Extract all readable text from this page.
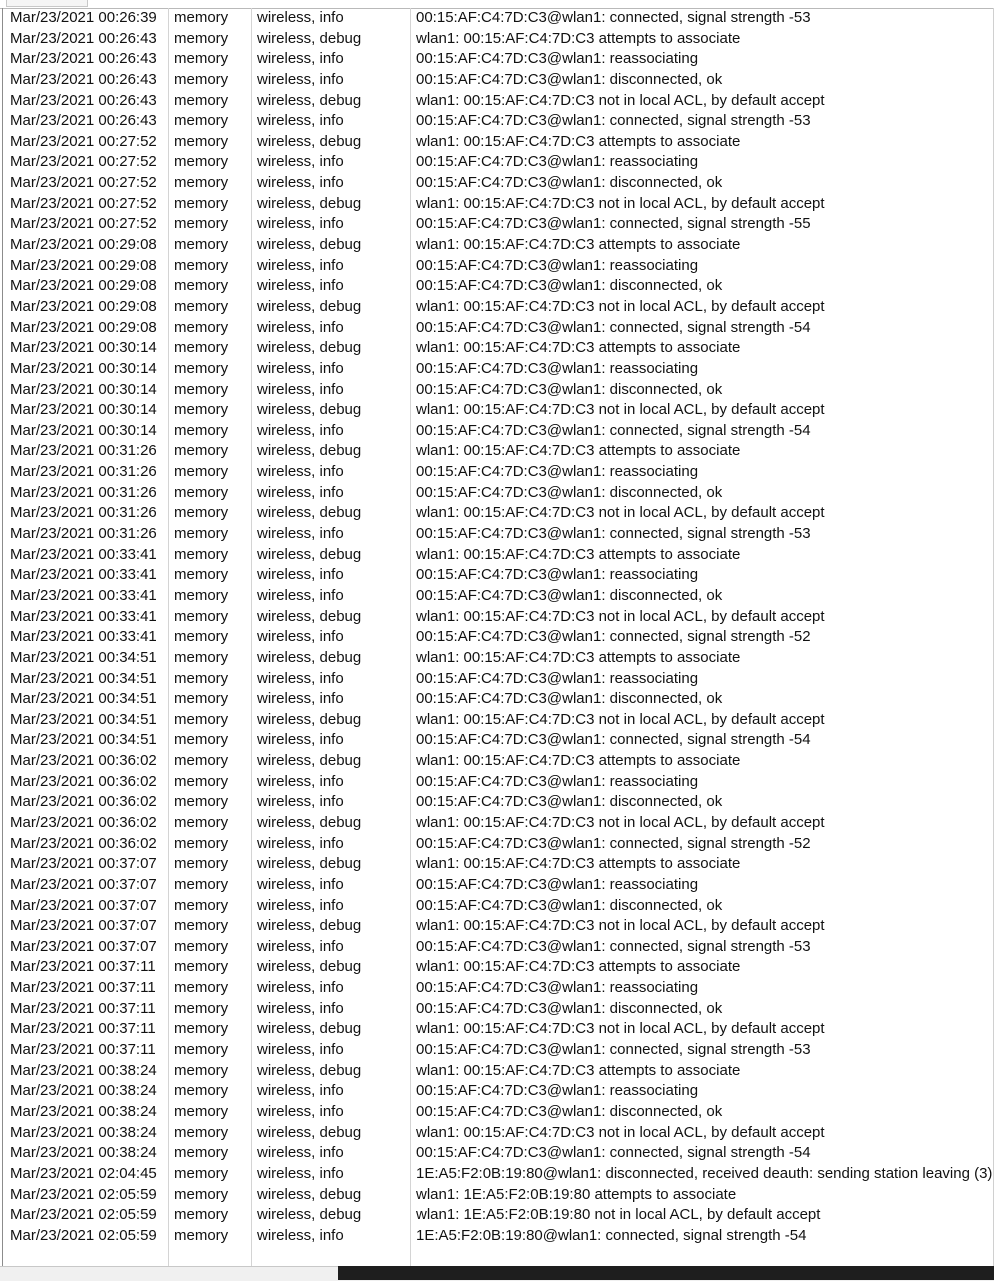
Mar/23/2021 00:26:39 memory wireless, info	00:15:AF:C4:7D:C3@wlan1: connected, signal strength -53
Mar/23/2021 00:26:43 memory wireless, debug	wlan1: 00:15:AF:C4:7D:C3 attempts to associate
Mar/23/2021 00:26:43 memory wireless, info	00:15:AF:C4:7D:C3@wlan1: reassociating
Mar/23/2021 00:26:43 memory wireless, info	00:15:AF:C4:7D:C3@wlan1: disconnected, ok
Mar/23/2021 00:26:43 memory wireless, debug	wlan1: 00:15:AF:C4:7D:C3 not in local ACL, by default accept
Mar/23/2021 00:26:43 memory wireless, info	00:15:AF:C4:7D:C3@wlan1: connected, signal strength -53
Mar/23/2021 00:27:52 memory wireless, debug	wlan1: 00:15:AF:C4:7D:C3 attempts to associate
Mar/23/2021 00:27:52 memory wireless, info	00:15:AF:C4:7D:C3@wlan1: reassociating
Mar/23/2021 00:27:52 memory wireless, info	00:15:AF:C4:7D:C3@wlan1: disconnected, ok
Mar/23/2021 00:27:52 memory wireless, debug	wlan1: 00:15:AF:C4:7D:C3 not in local ACL, by default accept
Mar/23/2021 00:27:52 memory wireless, info	00:15:AF:C4:7D:C3@wlan1: connected, signal strength -55
Mar/23/2021 00:29:08 memory wireless, debug	wlan1: 00:15:AF:C4:7D:C3 attempts to associate
Mar/23/2021 00:29:08 memory wireless, info	00:15:AF:C4:7D:C3@wlan1: reassociating
Mar/23/2021 00:29:08 memory wireless, info	00:15:AF:C4:7D:C3@wlan1: disconnected, ok
Mar/23/2021 00:29:08 memory wireless, debug	wlan1: 00:15:AF:C4:7D:C3 not in local ACL, by default accept
Mar/23/2021 00:29:08 memory wireless, info	00:15:AF:C4:7D:C3@wlan1: connected, signal strength -54
Mar/23/2021 00:30:14 memory wireless, debug	wlan1: 00:15:AF:C4:7D:C3 attempts to associate
Mar/23/2021 00:30:14 memory wireless, info	00:15:AF:C4:7D:C3@wlan1: reassociating
Mar/23/2021 00:30:14 memory wireless, info	00:15:AF:C4:7D:C3@wlan1: disconnected, ok
Mar/23/2021 00:30:14 memory wireless, debug	wlan1: 00:15:AF:C4:7D:C3 not in local ACL, by default accept
Mar/23/2021 00:30:14 memory wireless, info	00:15:AF:C4:7D:C3@wlan1: connected, signal strength -54
Mar/23/2021 00:31:26 memory wireless, debug	wlan1: 00:15:AF:C4:7D:C3 attempts to associate
Mar/23/2021 00:31:26 memory wireless, info	00:15:AF:C4:7D:C3@wlan1: reassociating
Mar/23/2021 00:31:26 memory wireless, info	00:15:AF:C4:7D:C3@wlan1: disconnected, ok
Mar/23/2021 00:31:26 memory wireless, debug	wlan1: 00:15:AF:C4:7D:C3 not in local ACL, by default accept
Mar/23/2021 00:31:26 memory wireless, info	00:15:AF:C4:7D:C3@wlan1: connected, signal strength -53
Mar/23/2021 00:33:41 memory wireless, debug	wlan1: 00:15:AF:C4:7D:C3 attempts to associate
Mar/23/2021 00:33:41 memory wireless, info	00:15:AF:C4:7D:C3@wlan1: reassociating
Mar/23/2021 00:33:41 memory wireless, info	00:15:AF:C4:7D:C3@wlan1: disconnected, ok
Mar/23/2021 00:33:41 memory wireless, debug	wlan1: 00:15:AF:C4:7D:C3 not in local ACL, by default accept
Mar/23/2021 00:33:41 memory wireless, info	00:15:AF:C4:7D:C3@wlan1: connected, signal strength -52
Mar/23/2021 00:34:51 memory wireless, debug	wlan1: 00:15:AF:C4:7D:C3 attempts to associate
Mar/23/2021 00:34:51 memory wireless, info	00:15:AF:C4:7D:C3@wlan1: reassociating
Mar/23/2021 00:34:51 memory wireless, info	00:15:AF:C4:7D:C3@wlan1: disconnected, ok
Mar/23/2021 00:34:51 memory wireless, debug	wlan1: 00:15:AF:C4:7D:C3 not in local ACL, by default accept
Mar/23/2021 00:34:51 memory wireless, info	00:15:AF:C4:7D:C3@wlan1: connected, signal strength -54
Mar/23/2021 00:36:02 memory wireless, debug	wlan1: 00:15:AF:C4:7D:C3 attempts to associate
Mar/23/2021 00:36:02 memory wireless, info	00:15:AF:C4:7D:C3@wlan1: reassociating
Mar/23/2021 00:36:02 memory wireless, info	00:15:AF:C4:7D:C3@wlan1: disconnected, ok
Mar/23/2021 00:36:02 memory wireless, debug	wlan1: 00:15:AF:C4:7D:C3 not in local ACL, by default accept
Mar/23/2021 00:36:02 memory wireless, info	00:15:AF:C4:7D:C3@wlan1: connected, signal strength -52
Mar/23/2021 00:37:07 memory wireless, debug	wlan1: 00:15:AF:C4:7D:C3 attempts to associate
Mar/23/2021 00:37:07 memory wireless, info	00:15:AF:C4:7D:C3@wlan1: reassociating
Mar/23/2021 00:37:07 memory wireless, info	00:15:AF:C4:7D:C3@wlan1: disconnected, ok
Mar/23/2021 00:37:07 memory wireless, debug	wlan1: 00:15:AF:C4:7D:C3 not in local ACL, by default accept
Mar/23/2021 00:37:07 memory wireless, info	00:15:AF:C4:7D:C3@wlan1: connected, signal strength -53
Mar/23/2021 00:37:11 memory wireless, debug	wlan1: 00:15:AF:C4:7D:C3 attempts to associate
Mar/23/2021 00:37:11 memory wireless, info	00:15:AF:C4:7D:C3@wlan1: reassociating
Mar/23/2021 00:37:11 memory wireless, info	00:15:AF:C4:7D:C3@wlan1: disconnected, ok
Mar/23/2021 00:37:11 memory wireless, debug	wlan1: 00:15:AF:C4:7D:C3 not in local ACL, by default accept
Mar/23/2021 00:37:11 memory wireless, info	00:15:AF:C4:7D:C3@wlan1: connected, signal strength -53
Mar/23/2021 00:38:24 memory wireless, debug	wlan1: 00:15:AF:C4:7D:C3 attempts to associate
Mar/23/2021 00:38:24 memory wireless, info	00:15:AF:C4:7D:C3@wlan1: reassociating
Mar/23/2021 00:38:24 memory wireless, info	00:15:AF:C4:7D:C3@wlan1: disconnected, ok
Mar/23/2021 00:38:24 memory wireless, debug	wlan1: 00:15:AF:C4:7D:C3 not in local ACL, by default accept
Mar/23/2021 00:38:24 memory wireless, info	00:15:AF:C4:7D:C3@wlan1: connected, signal strength -54
Mar/23/2021 02:04:45 memory wireless, info	1E:A5:F2:0B:19:80@wlan1: disconnected, received deauth: sending station leaving (3)
Mar/23/2021 02:05:59 memory wireless, debug	wlan1: 1E:A5:F2:0B:19:80 attempts to associate
Mar/23/2021 02:05:59 memory wireless, debug	wlan1: 1E:A5:F2:0B:19:80 not in local ACL, by default accept
Mar/23/2021 02:05:59 memory wireless, info	1E:A5:F2:0B:19:80@wlan1: connected, signal strength -54
